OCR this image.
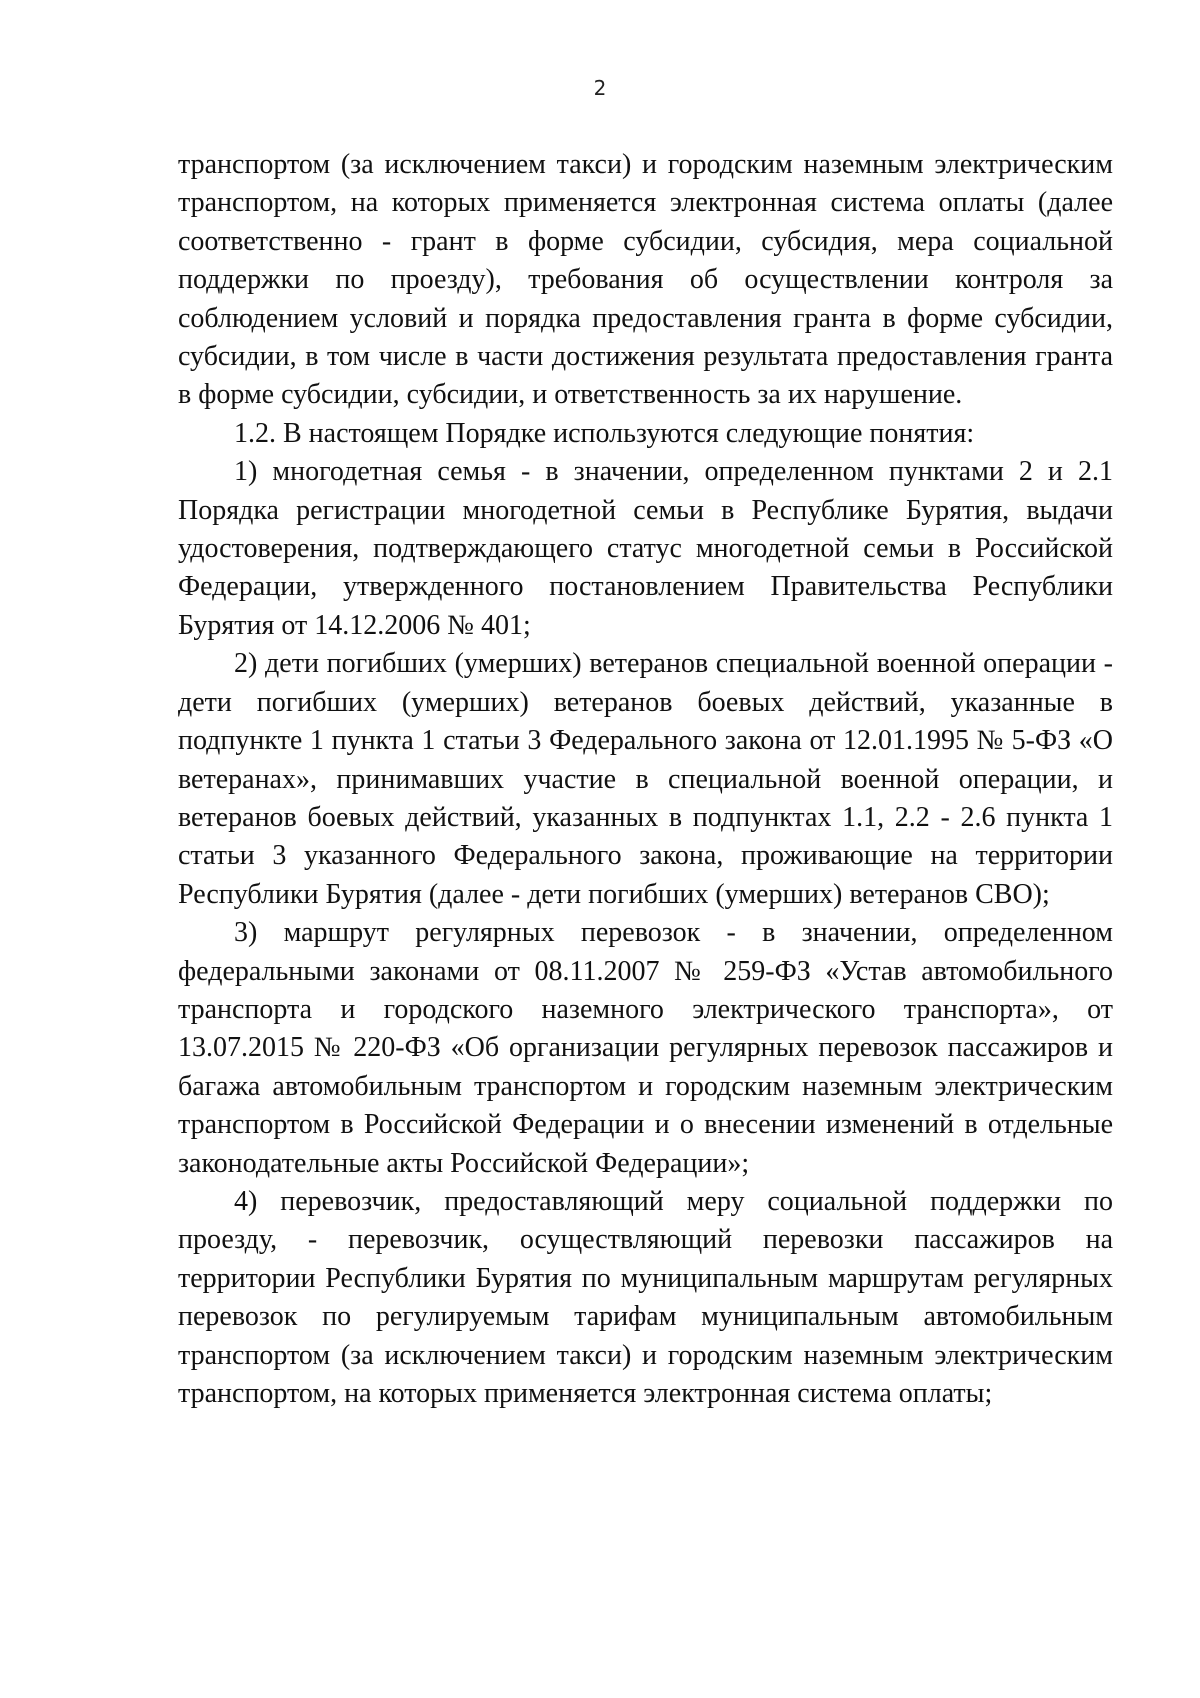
2

транспортом (за исключением такси) и городским наземным электрическим транспортом, на которых применяется электронная система оплаты (далее соответственно - грант в форме субсидии, субсидия, мера социальной поддержки по проезду), требования об осуществлении контроля за соблюдением условий и порядка предоставления гранта в форме субсидии, субсидии, в том числе в части достижения результата предоставления гранта в форме субсидии, субсидии, и ответственность за их нарушение.

1.2. В настоящем Порядке используются следующие понятия:

1) многодетная семья - в значении, определенном пунктами 2 и 2.1 Порядка регистрации многодетной семьи в Республике Бурятия, выдачи удостоверения, подтверждающего статус многодетной семьи в Российской Федерации, утвержденного постановлением Правительства Республики Бурятия от 14.12.2006 № 401;

2) дети погибших (умерших) ветеранов специальной военной операции - дети погибших (умерших) ветеранов боевых действий, указанные в подпункте 1 пункта 1 статьи 3 Федерального закона от 12.01.1995 № 5-ФЗ «О ветеранах», принимавших участие в специальной военной операции, и ветеранов боевых действий, указанных в подпунктах 1.1, 2.2 - 2.6 пункта 1 статьи 3 указанного Федерального закона, проживающие на территории Республики Бурятия (далее - дети погибших (умерших) ветеранов СВО);

3) маршрут регулярных перевозок - в значении, определенном федеральными законами от 08.11.2007 № 259-ФЗ «Устав автомобильного транспорта и городского наземного электрического транспорта», от 13.07.2015 № 220-ФЗ «Об организации регулярных перевозок пассажиров и багажа автомобильным транспортом и городским наземным электрическим транспортом в Российской Федерации и о внесении изменений в отдельные законодательные акты Российской Федерации»;

4) перевозчик, предоставляющий меру социальной поддержки по проезду, - перевозчик, осуществляющий перевозки пассажиров на территории Республики Бурятия по муниципальным маршрутам регулярных перевозок по регулируемым тарифам муниципальным автомобильным транспортом (за исключением такси) и городским наземным электрическим транспортом, на которых применяется электронная система оплаты;
